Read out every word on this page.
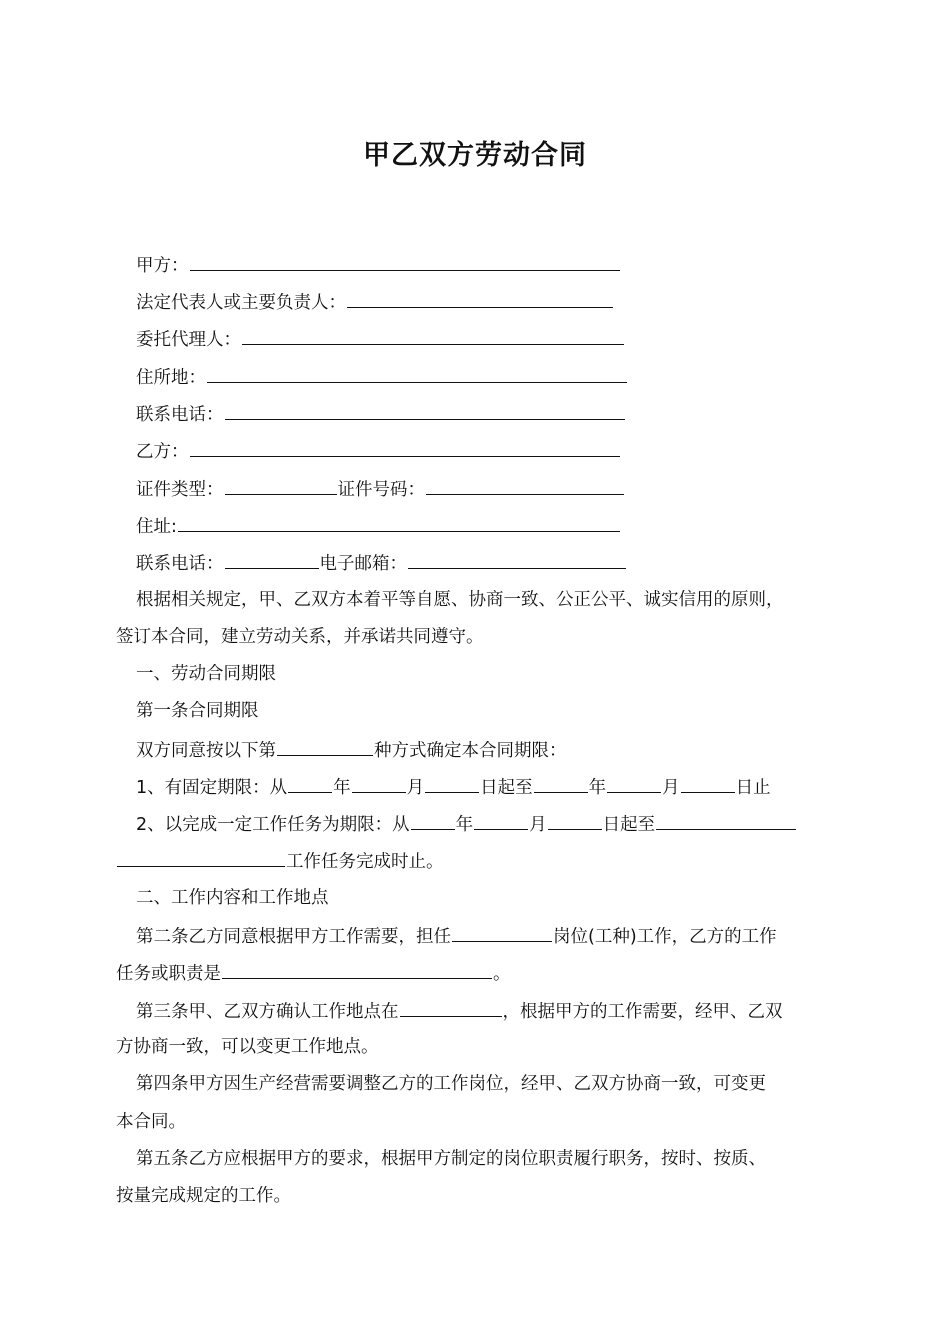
甲乙双方劳动合同
甲方：
法定代表人或主要负责人：
委托代理人：
住所地：
联系电话：
乙方：
证件类型：	证件号码：
住址:
联系电话：	电子邮箱：
根据相关规定，甲、乙双方本着平等自愿、协商一致、公正公平、诚实信用的原则，
签订本合同，建立劳动关系，并承诺共同遵守。
一、劳动合同期限
第一条合同期限
双方同意按以下第	种方式确定本合同期限：
1、有固定期限：从	年	月	日起至	年	月	日止
2、以完成一定工作任务为期限：从	年	月	日起至
工作任务完成时止。
二、工作内容和工作地点
第二条乙方同意根据甲方工作需要，担任	岗位(工种)工作，乙方的工作
任务或职责是	。
第三条甲、乙双方确认工作地点在	，根据甲方的工作需要，经甲、乙双
方协商一致，可以变更工作地点。
第四条甲方因生产经营需要调整乙方的工作岗位，经甲、乙双方协商一致，可变更
本合同。
第五条乙方应根据甲方的要求，根据甲方制定的岗位职责履行职务，按时、按质、
按量完成规定的工作。
